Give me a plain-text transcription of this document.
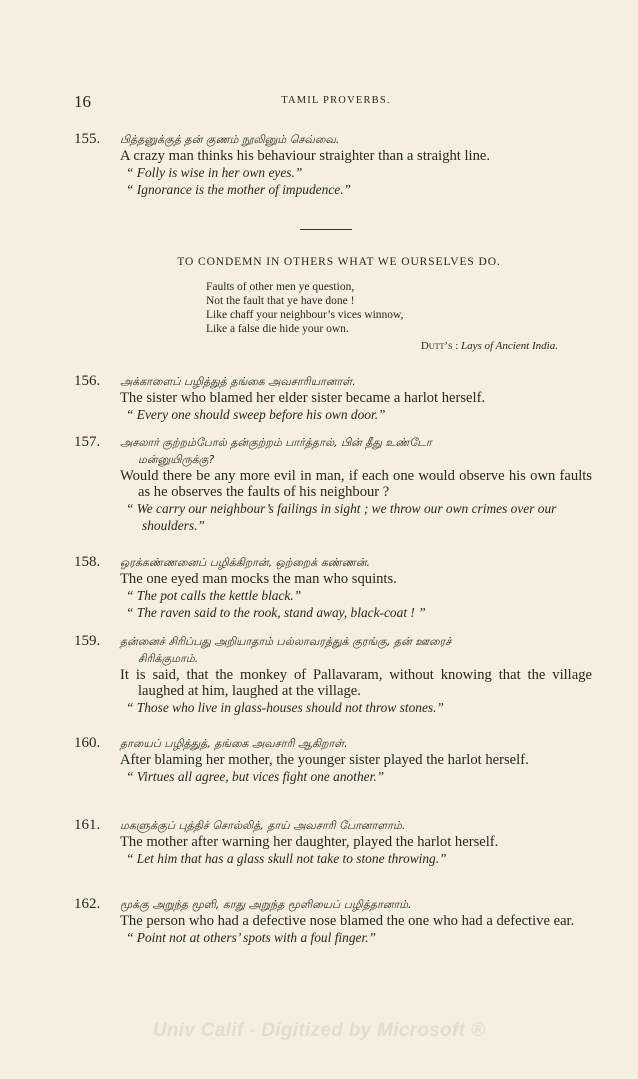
16	TAMIL PROVERBS.
155. பித்தனுக்குத் தன் குணம் நூலினும் செவ்வை.
A crazy man thinks his behaviour straighter than a straight line.
“ Folly is wise in her own eyes.”
“ Ignorance is the mother of impudence.”
TO CONDEMN IN OTHERS WHAT WE OURSELVES DO.
Faults of other men ye question,
Not the fault that ye have done !
Like chaff your neighbour’s vices winnow,
Like a false die hide your own.
Dutt’s : Lays of Ancient India.
156. அக்காளைப் பழித்துத் தங்கை அவசாரியானாள்.
The sister who blamed her elder sister became a harlot herself.
“ Every one should sweep before his own door.”
157. அசலார் குற்றம்போல் தன்குற்றம் பார்த்தால், பின் தீது உண்டோ
மன்னுயிருக்கு?
Would there be any more evil in man, if each one would observe his own faults as he observes the faults of his neighbour ?
“ We carry our neighbour’s failings in sight ; we throw our own crimes over our shoulders.”
158. ஒரக்கண்ணனைப் பழிக்கிறான், ஒற்றைக் கண்ணன்.
The one eyed man mocks the man who squints.
“ The pot calls the kettle black.”
“ The raven said to the rook, stand away, black-coat ! ”
159. தன்னைச் சிரிப்பது அறியாதாம் பல்லாவரத்துக் குரங்கு, தன் ஊரைச்
சிரிக்குமாம்.
It is said, that the monkey of Pallavaram, without knowing that the village laughed at him, laughed at the village.
“ Those who live in glass-houses should not throw stones.”
160. தாயைப் பழித்துத், தங்கை அவசாரி ஆகிறாள்.
After blaming her mother, the younger sister played the harlot herself.
“ Virtues all agree, but vices fight one another.”
161. மகளுக்குப் புத்திச் சொல்லித், தாய் அவசாரி போனாளாம்.
The mother after warning her daughter, played the harlot herself.
“ Let him that has a glass skull not take to stone throwing.”
162. மூக்கு அறுந்த மூளி, காது அறுந்த மூளியைப் பழித்தானாம்.
The person who had a defective nose blamed the one who had a defective ear.
“ Point not at others’ spots with a foul finger.”
Univ Calif - Digitized by Microsoft ®
